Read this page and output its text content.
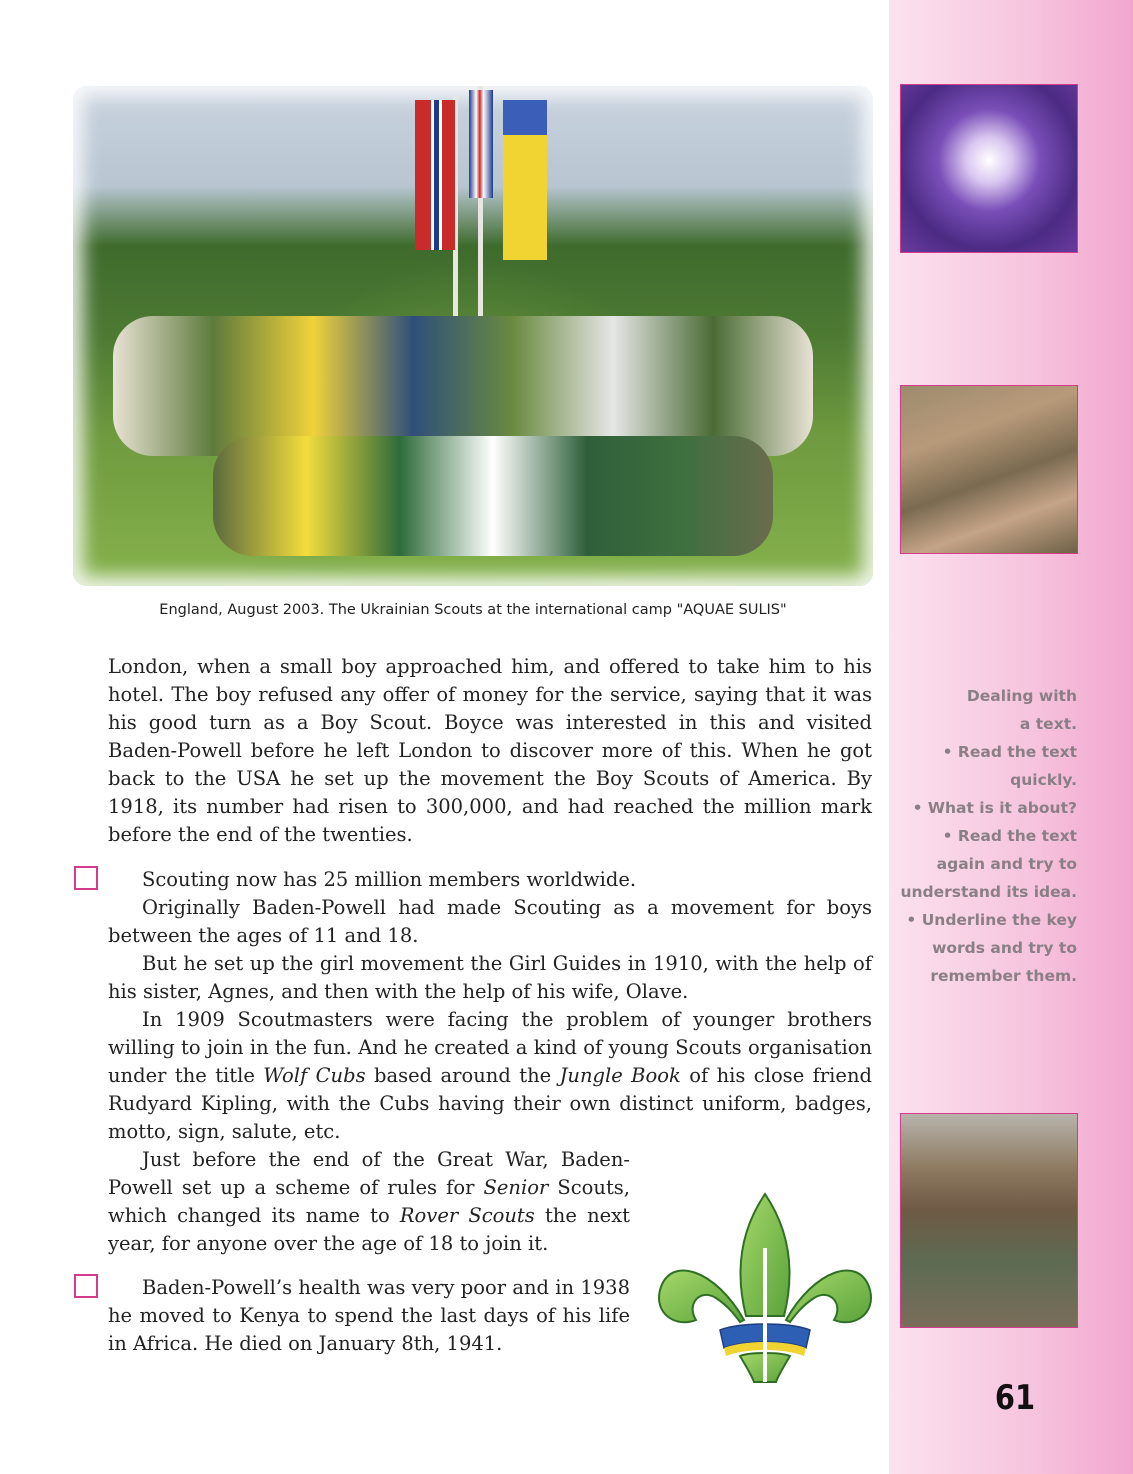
England, August 2003. The Ukrainian Scouts at the international camp "AQUAE SULIS"

London, when a small boy approached him, and offered to take him to his hotel. The boy refused any offer of money for the service, saying that it was his good turn as a Boy Scout. Boyce was interested in this and visited Baden-Powell before he left London to discover more of this. When he got back to the USA he set up the movement the Boy Scouts of America. By 1918, its number had risen to 300,000, and had reached the million mark before the end of the twenties.

Scouting now has 25 million members worldwide.

Originally Baden-Powell had made Scouting as a movement for boys between the ages of 11 and 18.

But he set up the girl movement the Girl Guides in 1910, with the help of his sister, Agnes, and then with the help of his wife, Olave.

In 1909 Scoutmasters were facing the problem of younger brothers willing to join in the fun. And he created a kind of young Scouts organisation under the title Wolf Cubs based around the Jungle Book of his close friend Rudyard Kipling, with the Cubs having their own distinct uniform, badges, motto, sign, salute, etc.

Just before the end of the Great War, Baden-Powell set up a scheme of rules for Senior Scouts, which changed its name to Rover Scouts the next year, for anyone over the age of 18 to join it.

Baden-Powell’s health was very poor and in 1938 he moved to Kenya to spend the last days of his life in Africa. He died on January 8th, 1941.

Dealing with
a text.
• Read the text
quickly.
• What is it about?
• Read the text
again and try to
understand its idea.
• Underline the key
words and try to
remember them.
61
